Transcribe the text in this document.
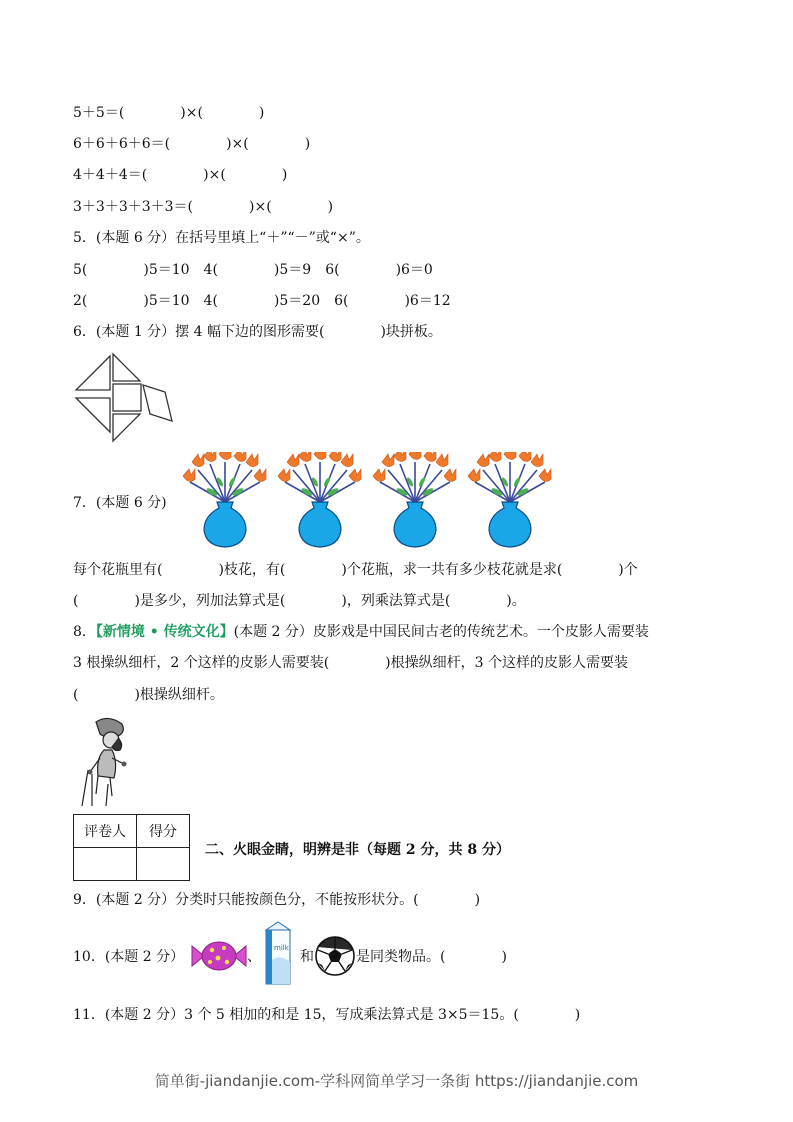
5＋5＝(　　　　)×(　　　　)
6＋6＋6＋6＝(　　　　)×(　　　　)
4＋4＋4＝(　　　　)×(　　　　)
3＋3＋3＋3＋3＝(　　　　)×(　　　　)
5．(本题 6 分）在括号里填上“＋”“－”或“×”。
5(　　　　)5＝10　4(　　　　)5＝9　6(　　　　)6＝0
2(　　　　)5＝10　4(　　　　)5＝20　6(　　　　)6＝12
6．(本题 1 分）摆 4 幅下边的图形需要(　　　　)块拼板。
7．(本题 6 分)
每个花瓶里有(　　　　)枝花，有(　　　　)个花瓶，求一共有多少枝花就是求(　　　　)个
(　　　　)是多少，列加法算式是(　　　　)，列乘法算式是(　　　　)。
8．【新情境 • 传统文化】(本题 2 分）皮影戏是中国民间古老的传统艺术。一个皮影人需要装
3 根操纵细杆，2 个这样的皮影人需要装(　　　　)根操纵细杆，3 个这样的皮影人需要装
(　　　　)根操纵细杆。
评卷人	得分

二、火眼金睛，明辨是非（每题 2 分，共 8 分）
9．(本题 2 分）分类时只能按颜色分，不能按形状分。(　　　　)
10．(本题 2 分）	、
milk
和	是同类物品。(　　　　)
11．(本题 2 分）3 个 5 相加的和是 15，写成乘法算式是 3×5＝15。(　　　　)
简单街-jiandanjie.com-学科网简单学习一条街 https://jiandanjie.com
